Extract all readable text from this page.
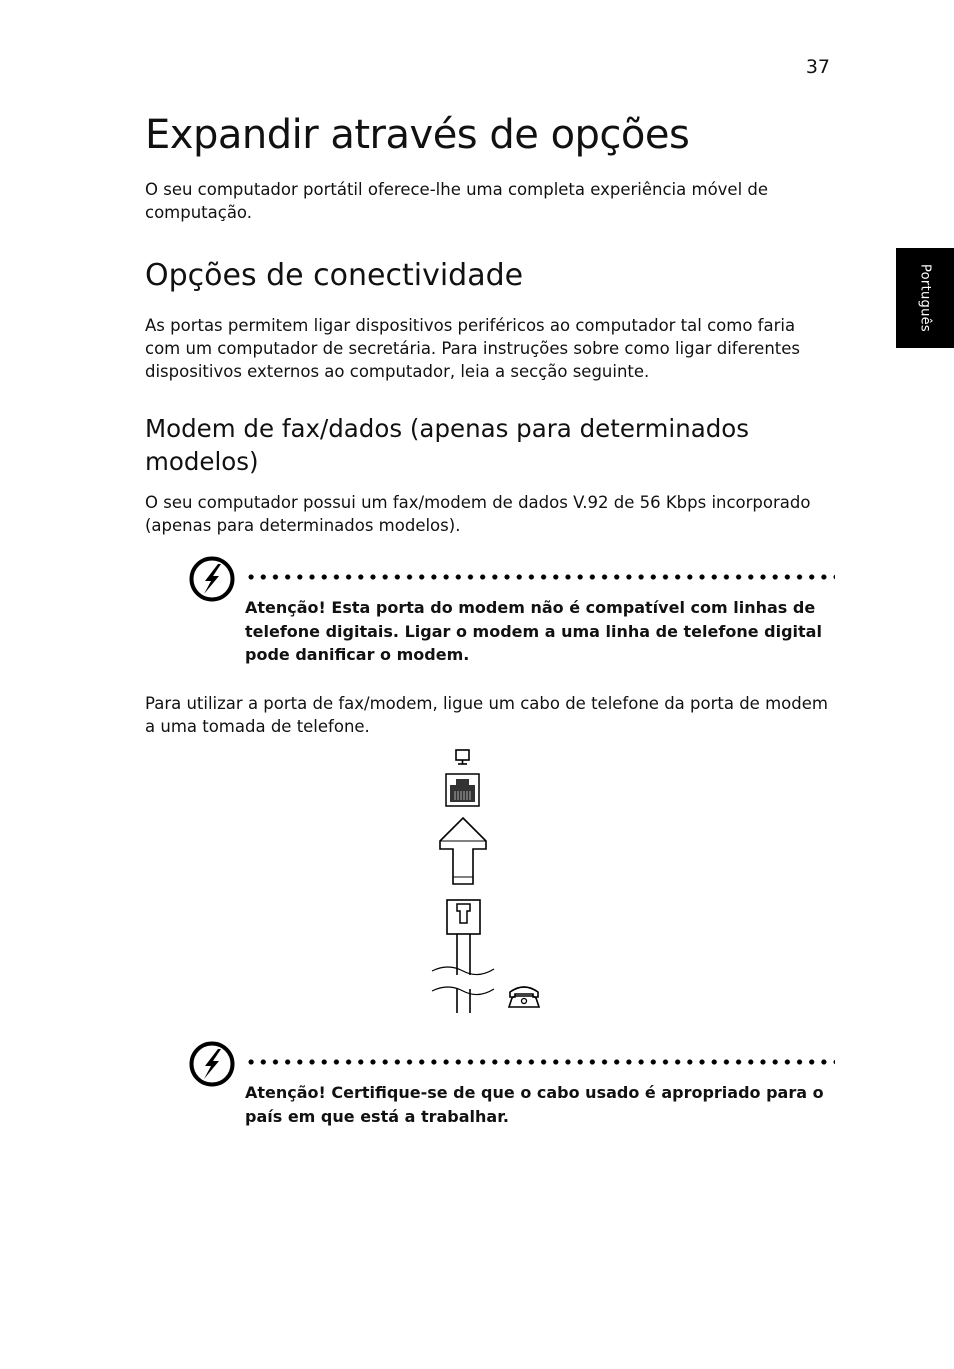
37
Português
Expandir através de opções

O seu computador portátil oferece-lhe uma completa experiência móvel de computação.

Opções de conectividade

As portas permitem ligar dispositivos periféricos ao computador tal como faria com um computador de secretária. Para instruções sobre como ligar diferentes dispositivos externos ao computador, leia a secção seguinte.

Modem de fax/dados (apenas para determinados modelos)

O seu computador possui um fax/modem de dados V.92 de 56 Kbps incorporado (apenas para determinados modelos).

Atenção! Esta porta do modem não é compatível com linhas de telefone digitais. Ligar o modem a uma linha de telefone digital pode danificar o modem.

Para utilizar a porta de fax/modem, ligue um cabo de telefone da porta de modem a uma tomada de telefone.

Atenção! Certifique-se de que o cabo usado é apropriado para o país em que está a trabalhar.
